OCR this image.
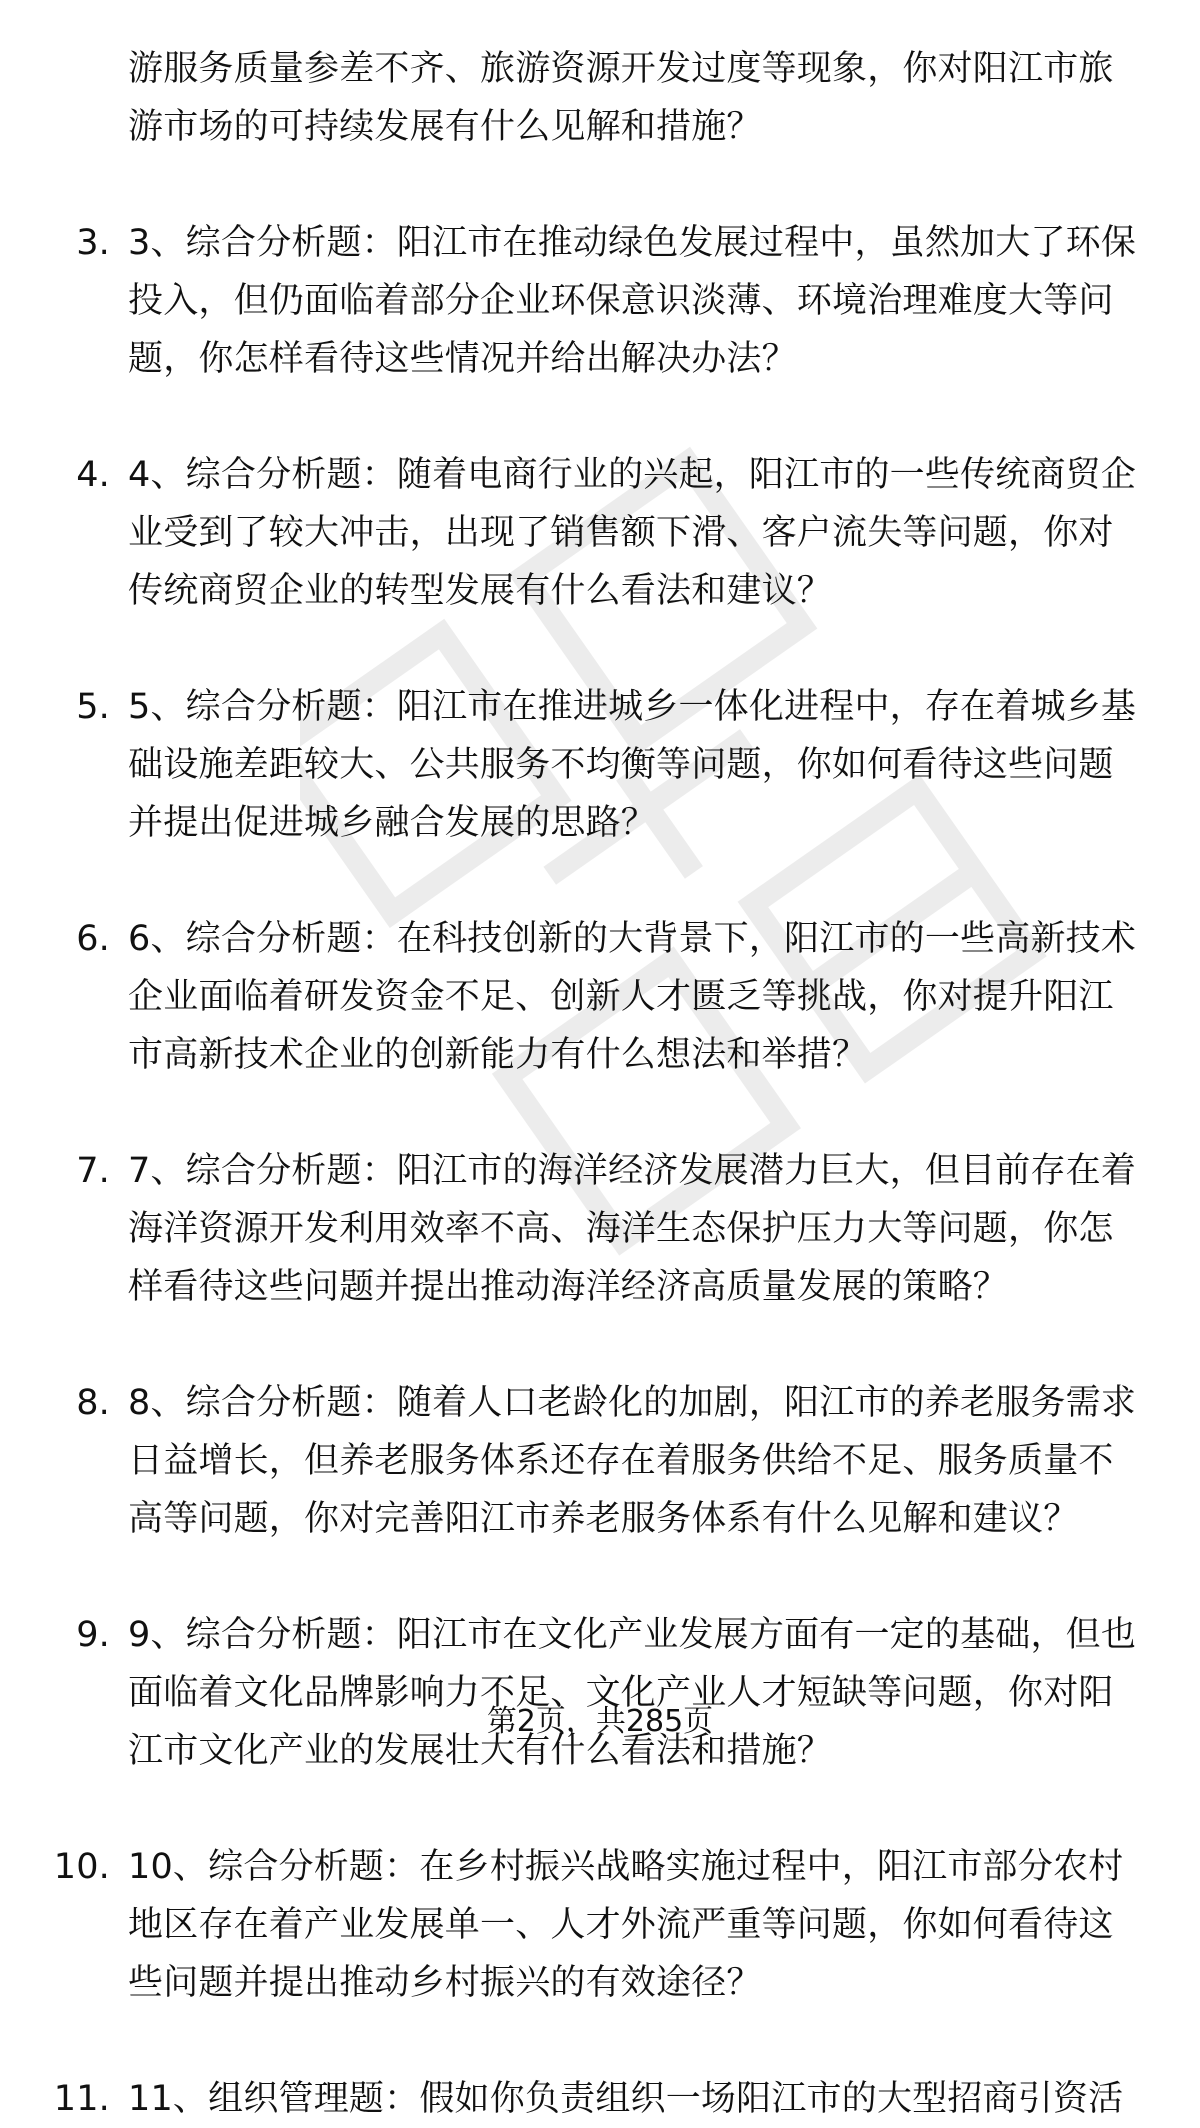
游服务质量参差不齐、旅游资源开发过度等现象，你对阳江市旅游市场的可持续发展有什么见解和措施？
3. 3、综合分析题：阳江市在推动绿色发展过程中，虽然加大了环保投入，但仍面临着部分企业环保意识淡薄、环境治理难度大等问题，你怎样看待这些情况并给出解决办法？
4. 4、综合分析题：随着电商行业的兴起，阳江市的一些传统商贸企业受到了较大冲击，出现了销售额下滑、客户流失等问题，你对传统商贸企业的转型发展有什么看法和建议？
5. 5、综合分析题：阳江市在推进城乡一体化进程中，存在着城乡基础设施差距较大、公共服务不均衡等问题，你如何看待这些问题并提出促进城乡融合发展的思路？
6. 6、综合分析题：在科技创新的大背景下，阳江市的一些高新技术企业面临着研发资金不足、创新人才匮乏等挑战，你对提升阳江市高新技术企业的创新能力有什么想法和举措？
7. 7、综合分析题：阳江市的海洋经济发展潜力巨大，但目前存在着海洋资源开发利用效率不高、海洋生态保护压力大等问题，你怎样看待这些问题并提出推动海洋经济高质量发展的策略？
8. 8、综合分析题：随着人口老龄化的加剧，阳江市的养老服务需求日益增长，但养老服务体系还存在着服务供给不足、服务质量不高等问题，你对完善阳江市养老服务体系有什么见解和建议？
9. 9、综合分析题：阳江市在文化产业发展方面有一定的基础，但也面临着文化品牌影响力不足、文化产业人才短缺等问题，你对阳江市文化产业的发展壮大有什么看法和措施？
10. 10、综合分析题：在乡村振兴战略实施过程中，阳江市部分农村地区存在着产业发展单一、人才外流严重等问题，你如何看待这些问题并提出推动乡村振兴的有效途径？
11. 11、组织管理题：假如你负责组织一场阳江市的大型招商引资活
第2页，共285页
